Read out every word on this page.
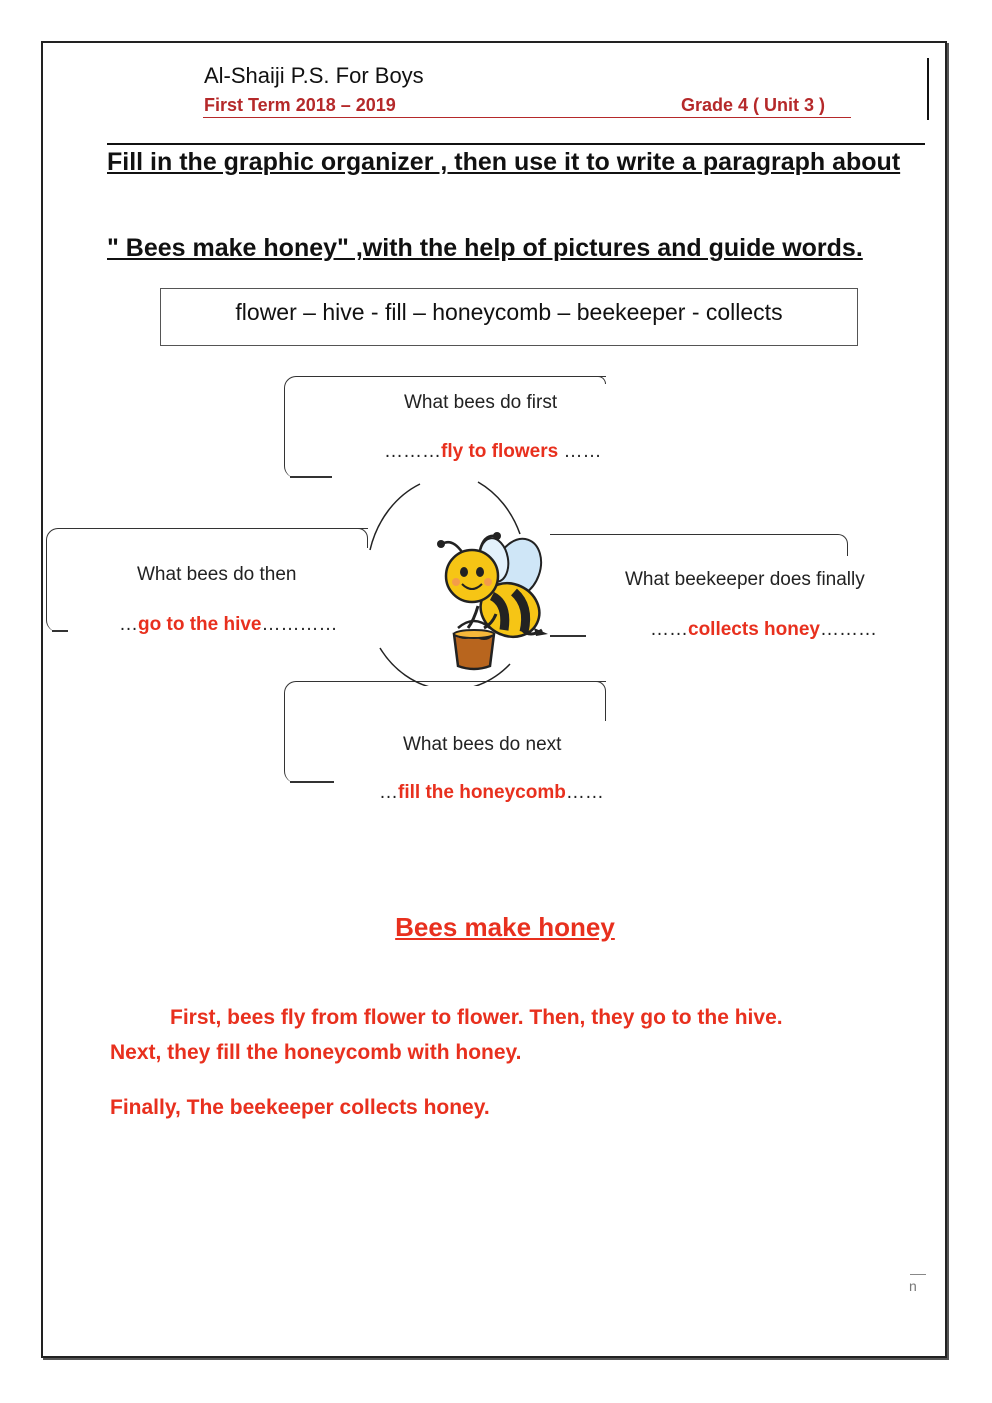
Al-Shaiji P.S. For Boys
First Term 2018 – 2019	Grade 4 ( Unit 3 )
Fill in the graphic organizer , then use it to write a paragraph about
" Bees make honey" ,with the help of pictures and guide words.
flower – hive - fill – honeycomb – beekeeper - collects
What bees do first
………fly to flowers ……
What bees do then
…go to the hive…………
What beekeeper does finally
……collects honey………
What bees do next
…fill the honeycomb……
Bees make honey
First, bees fly from flower to flower. Then, they go to the hive.
Next, they fill the honeycomb with honey.
Finally, The beekeeper collects honey.
n
